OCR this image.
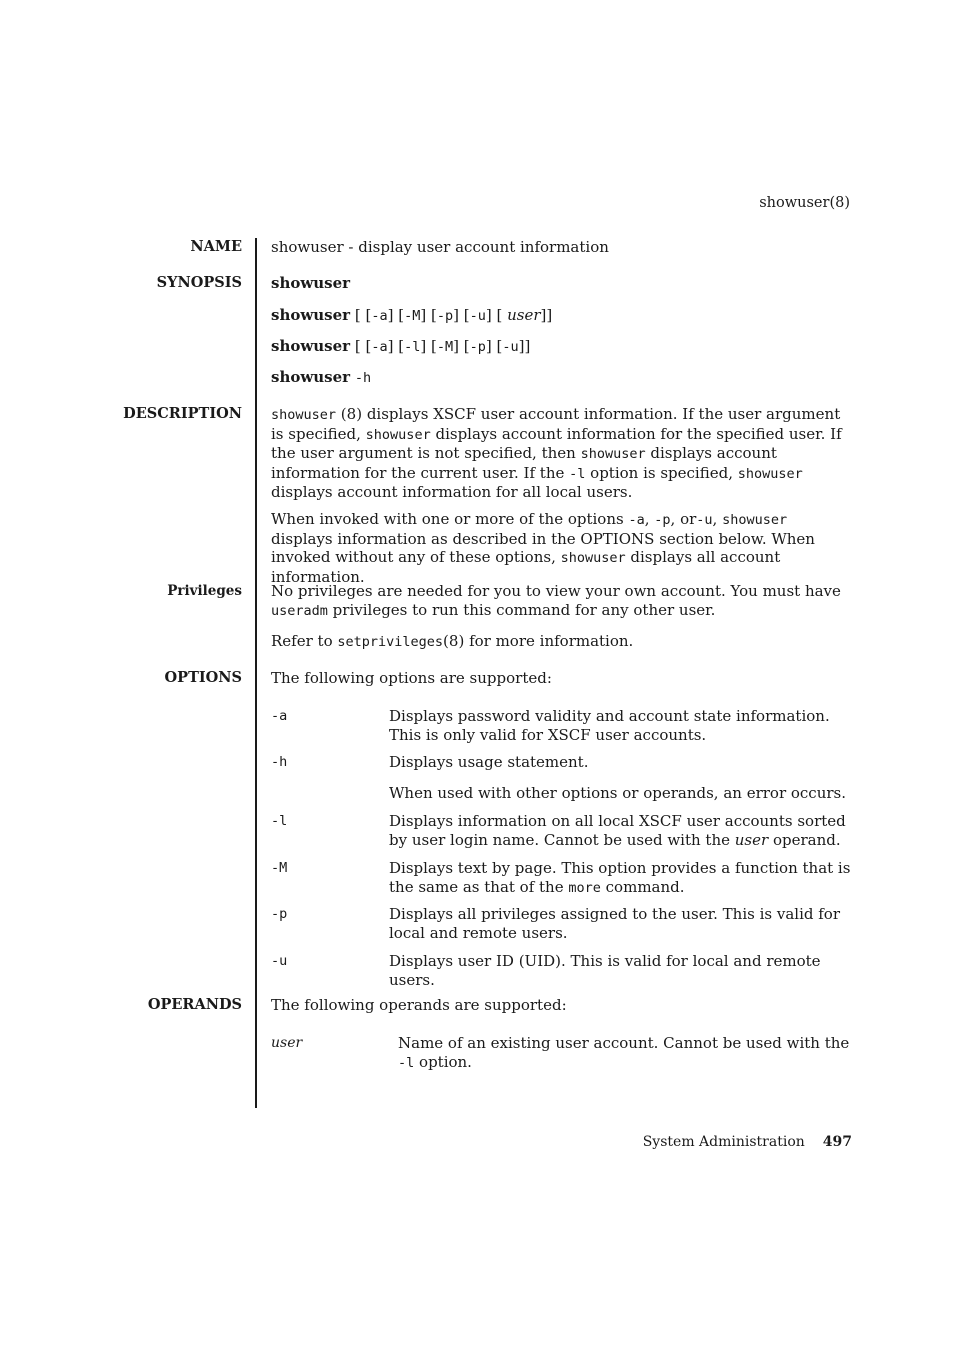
showuser(8)
NAME showuser - display user account information
SYNOPSIS showuser
showuser [ [-a] [-M] [-p] [-u] [ user]]
showuser [ [-a] [-l] [-M] [-p] [-u]]
showuser -h
DESCRIPTION showuser (8) displays XSCF user account information. If the user argument is specified, showuser displays account information for the specified user. If the user argument is not specified, then showuser displays account information for the current user. If the -l option is specified, showuser displays account information for all local users.

When invoked with one or more of the options -a, -p, or-u, showuser displays information as described in the OPTIONS section below. When invoked without any of these options, showuser displays all account information.

Privileges No privileges are needed for you to view your own account. You must have useradm privileges to run this command for any other user.

Refer to setprivileges(8) for more information.

OPTIONS The following options are supported:
-a	Displays password validity and account state information. This is only valid for XSCF user accounts.
-h	Displays usage statement.
When used with other options or operands, an error occurs.
-l	Displays information on all local XSCF user accounts sorted by user login name. Cannot be used with the user operand.
-M	Displays text by page. This option provides a function that is the same as that of the more command.
-p	Displays all privileges assigned to the user. This is valid for local and remote users.
-u	Displays user ID (UID). This is valid for local and remote users.
OPERANDS The following operands are supported:
user	Name of an existing user account. Cannot be used with the -l option.
System Administration 497
